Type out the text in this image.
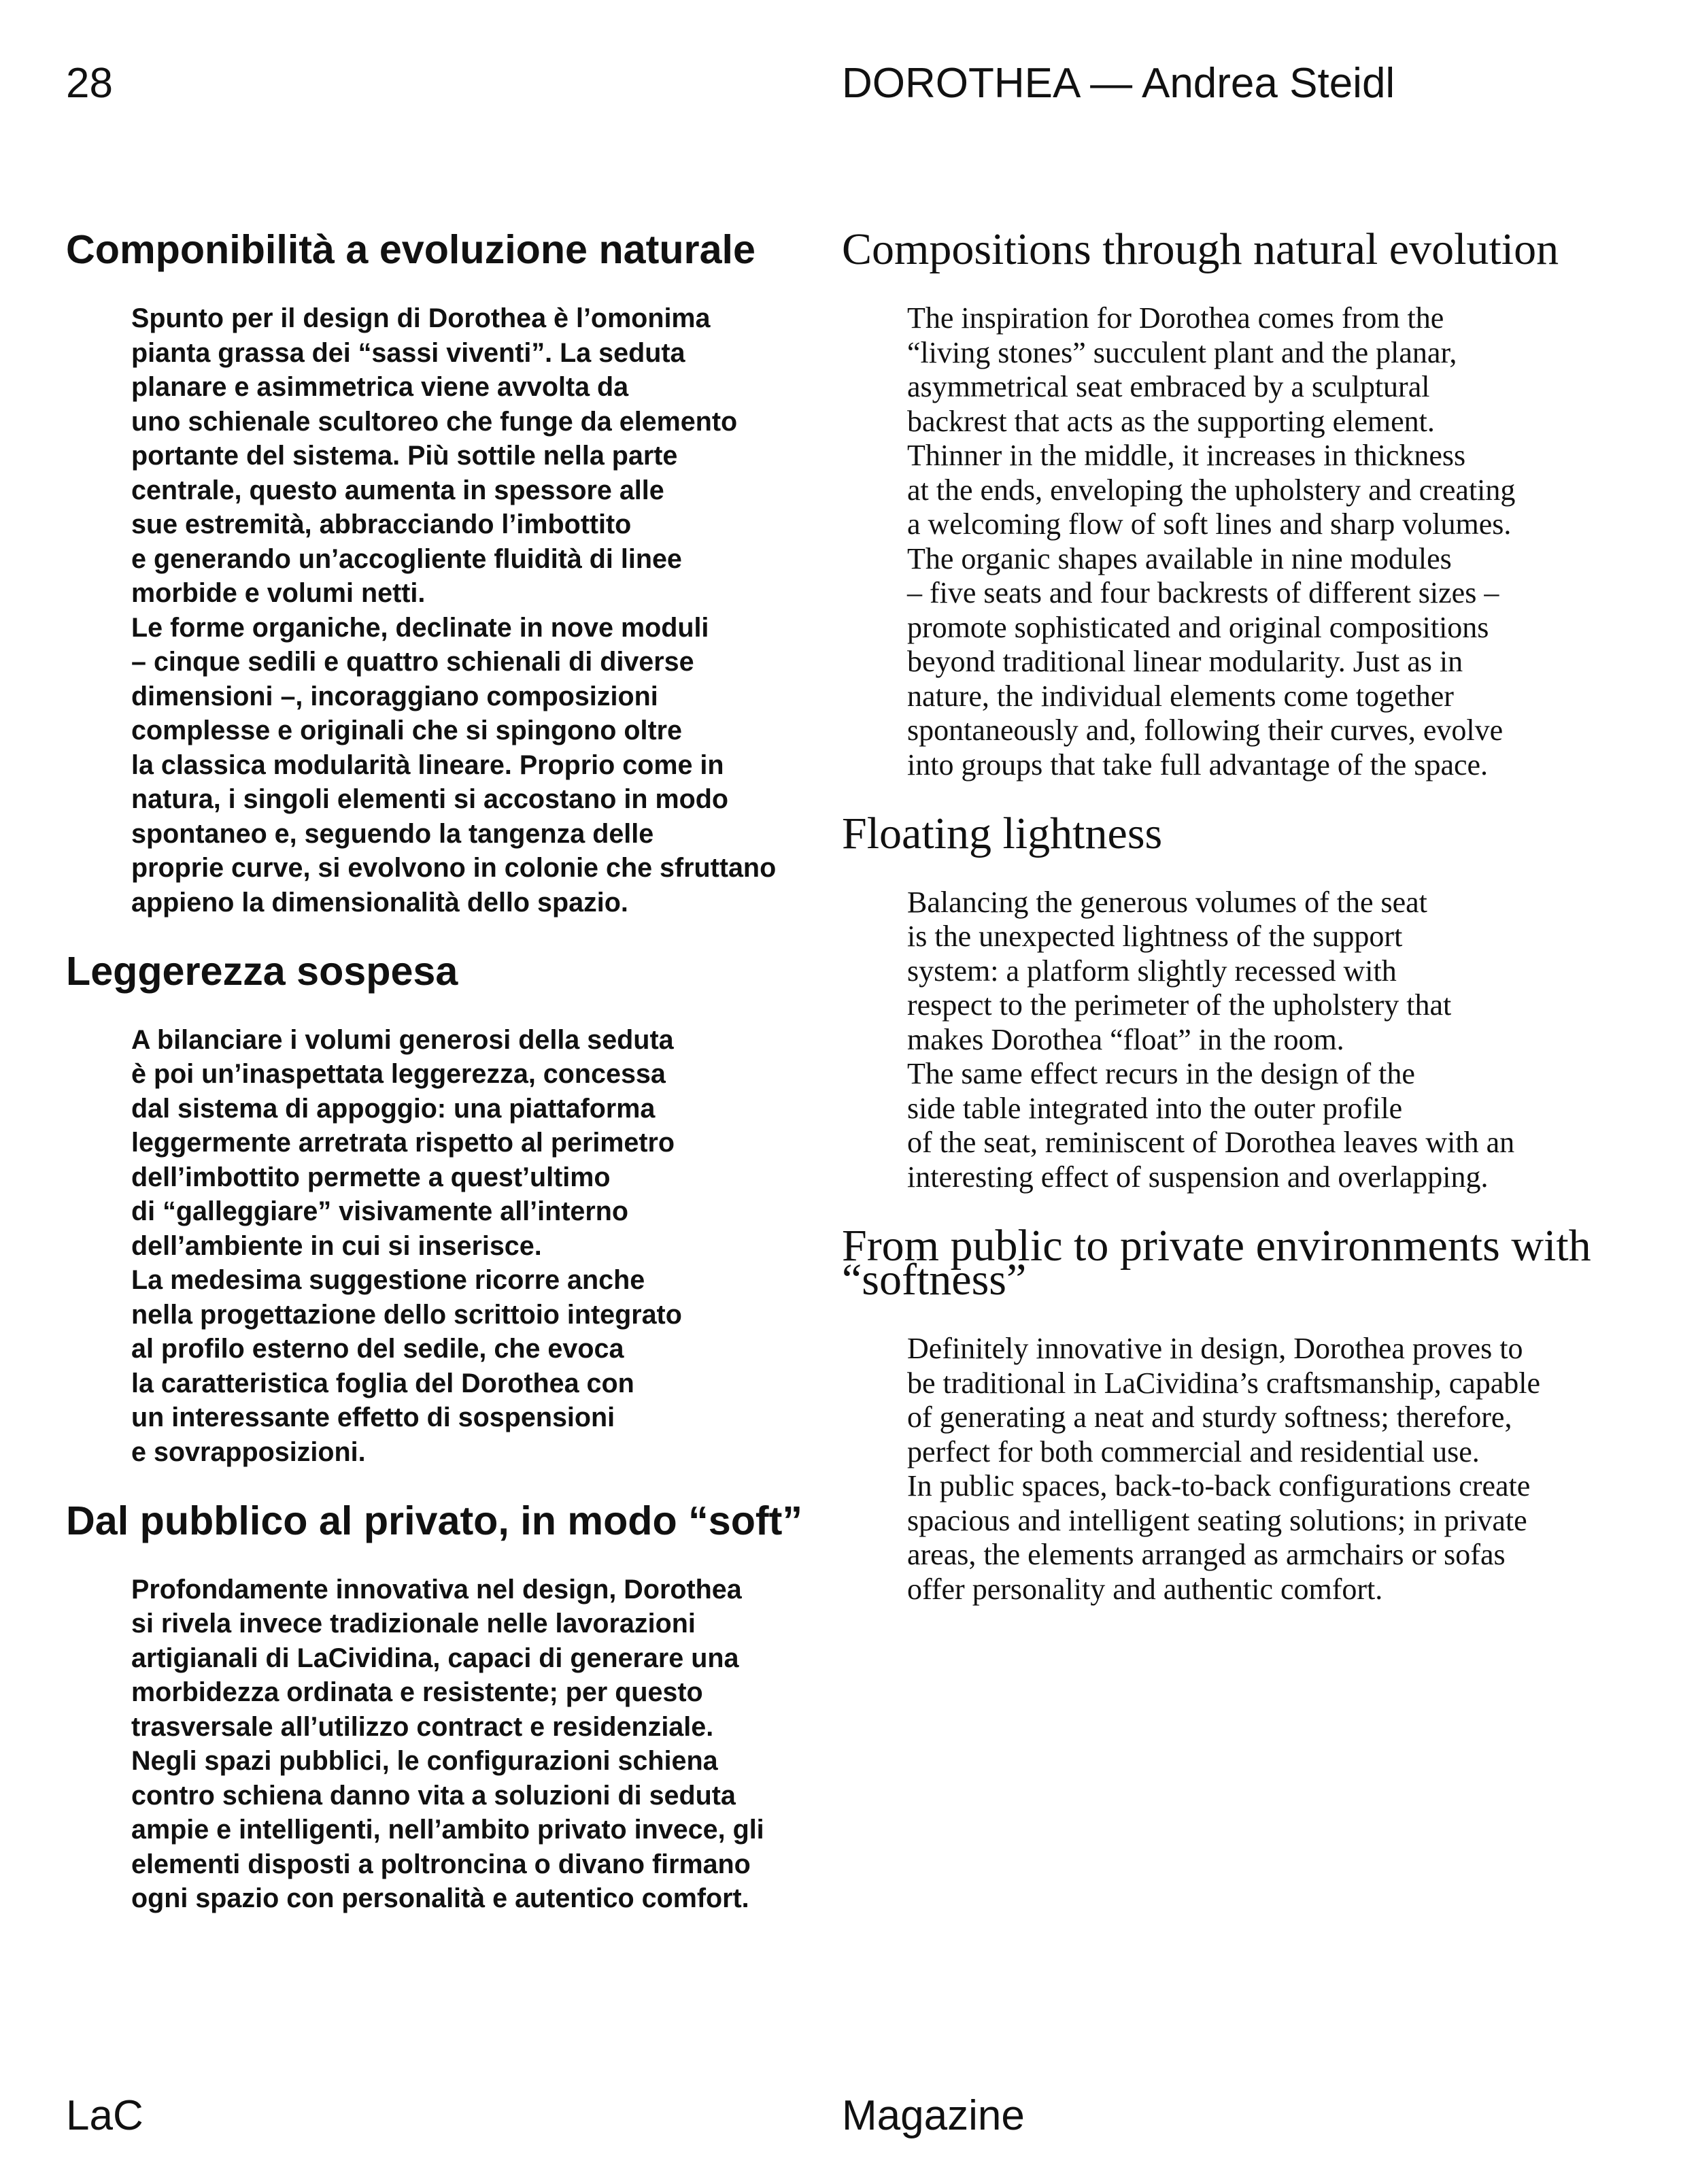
28	DOROTHEA — Andrea Steidl
Componibilità a evoluzione naturale
Spunto per il design di Dorothea è l’omonima
pianta grassa dei “sassi viventi”. La seduta
planare e asimmetrica viene avvolta da
uno schienale scultoreo che funge da elemento
portante del sistema. Più sottile nella parte
centrale, questo aumenta in spessore alle
sue estremità, abbracciando l’imbottito
e generando un’accogliente fluidità di linee
morbide e volumi netti.
Le forme organiche, declinate in nove moduli
– cinque sedili e quattro schienali di diverse
dimensioni –, incoraggiano composizioni
complesse e originali che si spingono oltre
la classica modularità lineare. Proprio come in
natura, i singoli elementi si accostano in modo
spontaneo e, seguendo la tangenza delle
proprie curve, si evolvono in colonie che sfruttano
appieno la dimensionalità dello spazio.
Leggerezza sospesa
A bilanciare i volumi generosi della seduta
è poi un’inaspettata leggerezza, concessa
dal sistema di appoggio: una piattaforma
leggermente arretrata rispetto al perimetro
dell’imbottito permette a quest’ultimo
di “galleggiare” visivamente all’interno
dell’ambiente in cui si inserisce.
La medesima suggestione ricorre anche
nella progettazione dello scrittoio integrato
al profilo esterno del sedile, che evoca
la caratteristica foglia del Dorothea con
un interessante effetto di sospensioni
e sovrapposizioni.
Dal pubblico al privato, in modo “soft”
Profondamente innovativa nel design, Dorothea
si rivela invece tradizionale nelle lavorazioni
artigianali di LaCividina, capaci di generare una
morbidezza ordinata e resistente; per questo
trasversale all’utilizzo contract e residenziale.
Negli spazi pubblici, le configurazioni schiena
contro schiena danno vita a soluzioni di seduta
ampie e intelligenti, nell’ambito privato invece, gli
elementi disposti a poltroncina o divano firmano
ogni spazio con personalità e autentico comfort.
Compositions through natural evolution
The inspiration for Dorothea comes from the
“living stones” succulent plant and the planar,
asymmetrical seat embraced by a sculptural
backrest that acts as the supporting element.
Thinner in the middle, it increases in thickness
at the ends, enveloping the upholstery and creating
a welcoming flow of soft lines and sharp volumes.
The organic shapes available in nine modules
– five seats and four backrests of different sizes –
promote sophisticated and original compositions
beyond traditional linear modularity. Just as in
nature, the individual elements come together
spontaneously and, following their curves, evolve
into groups that take full advantage of the space.
Floating lightness
Balancing the generous volumes of the seat
is the unexpected lightness of the support
system: a platform slightly recessed with
respect to the perimeter of the upholstery that
makes Dorothea “float” in the room.
The same effect recurs in the design of the
side table integrated into the outer profile
of the seat, reminiscent of Dorothea leaves with an
interesting effect of suspension and overlapping.
From public to private environments with “softness”
Definitely innovative in design, Dorothea proves to
be traditional in LaCividina’s craftsmanship, capable
of generating a neat and sturdy softness; therefore,
perfect for both commercial and residential use.
In public spaces, back-to-back configurations create
spacious and intelligent seating solutions; in private
areas, the elements arranged as armchairs or sofas
offer personality and authentic comfort.
LaC	Magazine
